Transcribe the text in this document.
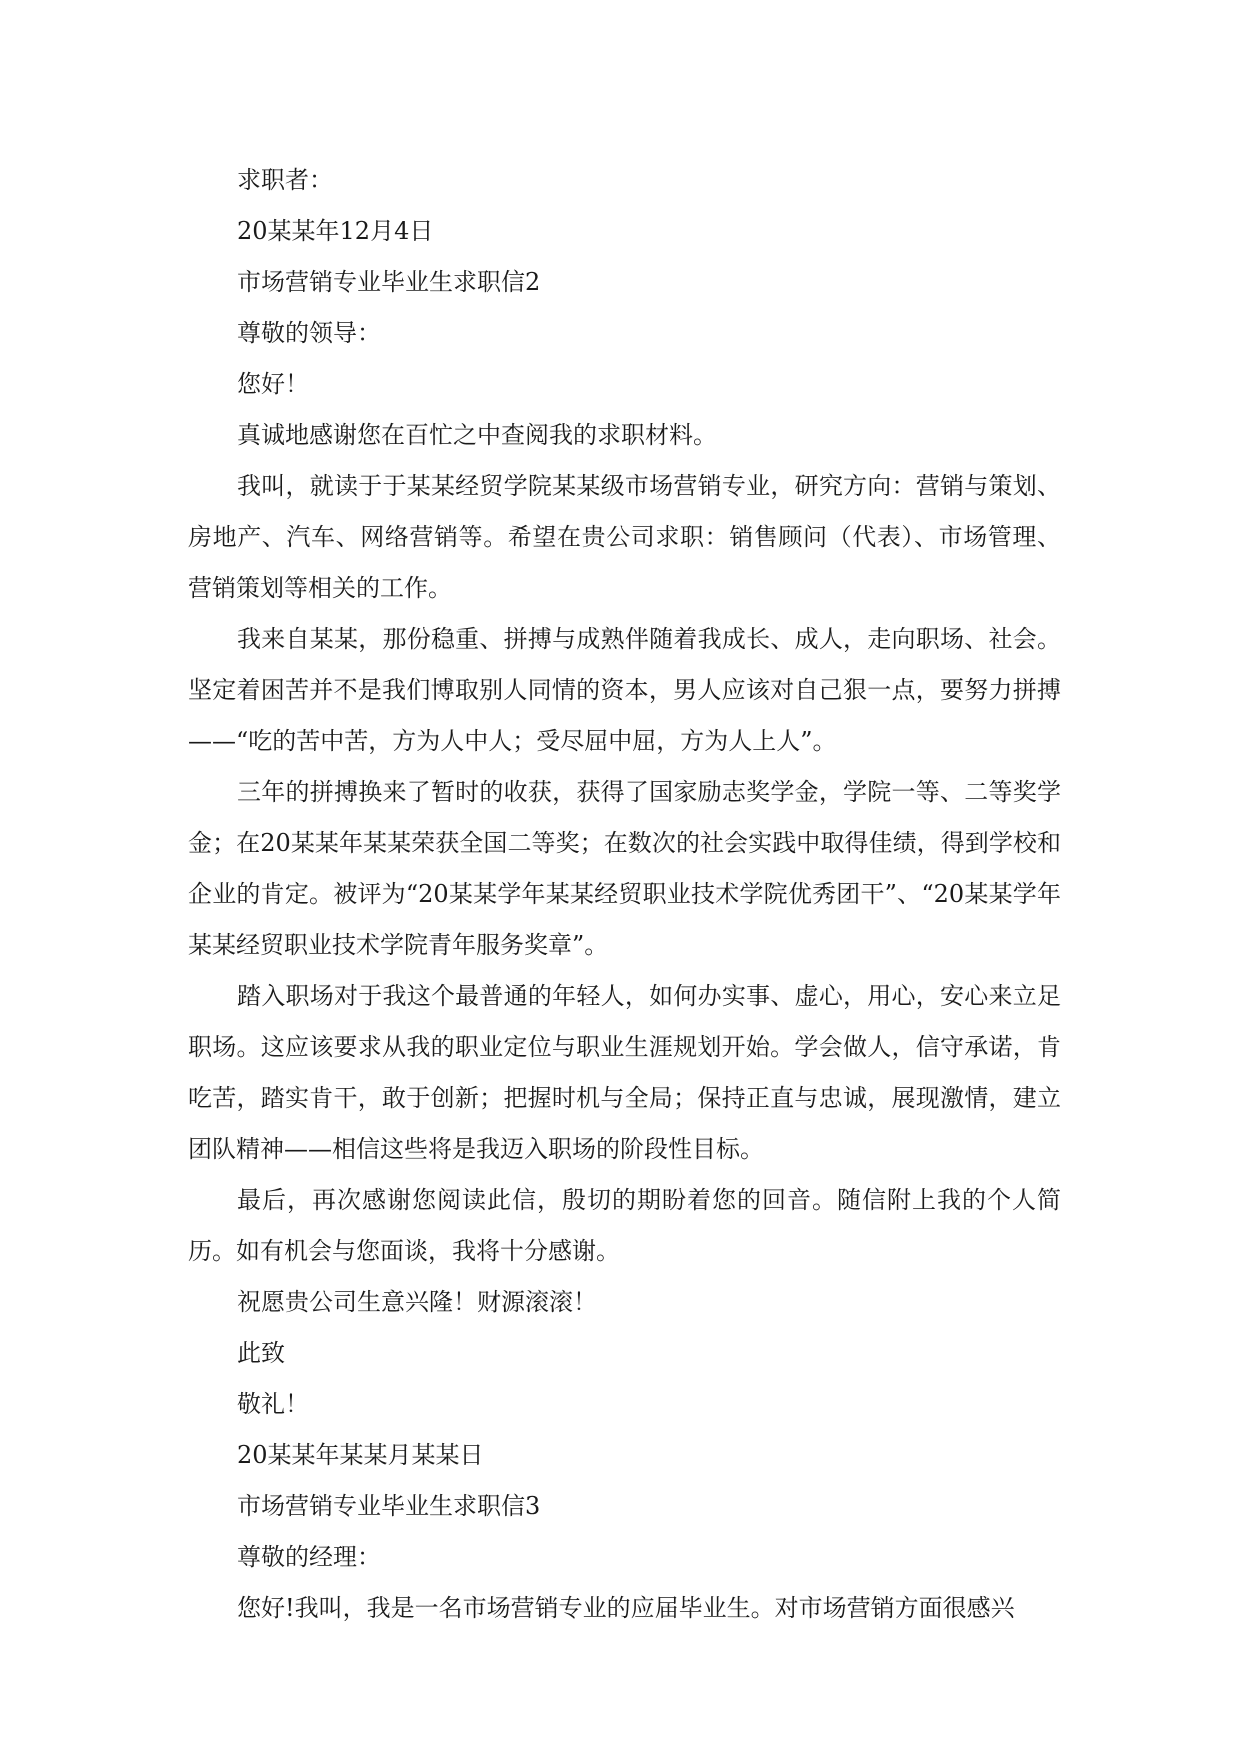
求职者：

20某某年12月4日

市场营销专业毕业生求职信2

尊敬的领导：

您好！

真诚地感谢您在百忙之中查阅我的求职材料。

我叫，就读于于某某经贸学院某某级市场营销专业，研究方向：营销与策划、房地产、汽车、网络营销等。希望在贵公司求职：销售顾问（代表）、市场管理、营销策划等相关的工作。

我来自某某，那份稳重、拼搏与成熟伴随着我成长、成人，走向职场、社会。坚定着困苦并不是我们博取别人同情的资本，男人应该对自己狠一点，要努力拼搏——“吃的苦中苦，方为人中人；受尽屈中屈，方为人上人”。

三年的拼搏换来了暂时的收获，获得了国家励志奖学金，学院一等、二等奖学金；在20某某年某某荣获全国二等奖；在数次的社会实践中取得佳绩，得到学校和企业的肯定。被评为“20某某学年某某经贸职业技术学院优秀团干”、“20某某学年某某经贸职业技术学院青年服务奖章”。

踏入职场对于我这个最普通的年轻人，如何办实事、虚心，用心，安心来立足职场。这应该要求从我的职业定位与职业生涯规划开始。学会做人，信守承诺，肯吃苦，踏实肯干，敢于创新；把握时机与全局；保持正直与忠诚，展现激情，建立团队精神——相信这些将是我迈入职场的阶段性目标。

最后，再次感谢您阅读此信，殷切的期盼着您的回音。随信附上我的个人简历。如有机会与您面谈，我将十分感谢。

祝愿贵公司生意兴隆！财源滚滚！

此致

敬礼！

20某某年某某月某某日

市场营销专业毕业生求职信3

尊敬的经理：

您好!我叫，我是一名市场营销专业的应届毕业生。对市场营销方面很感兴
